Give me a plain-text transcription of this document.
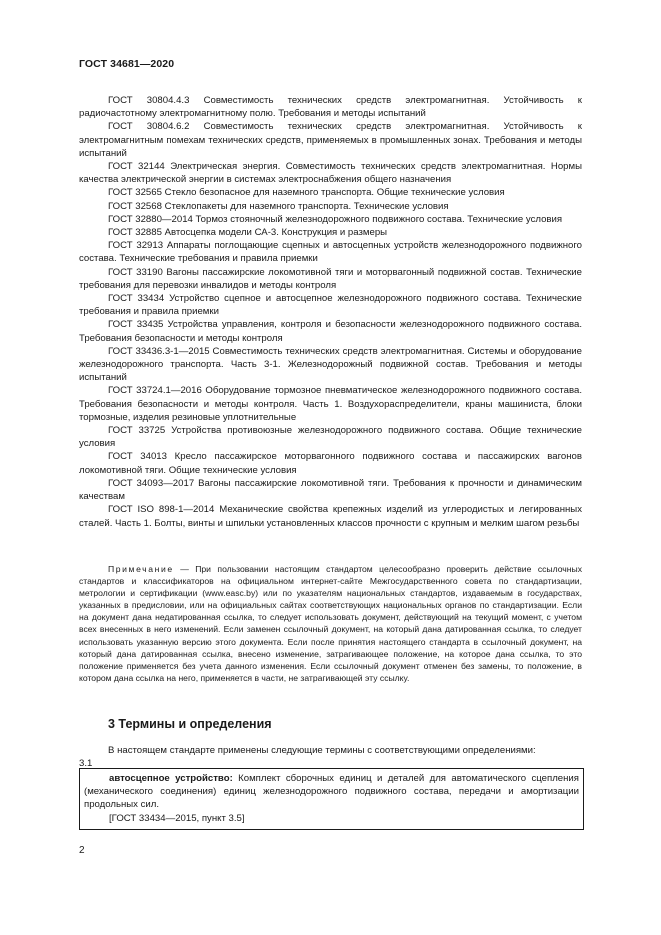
ГОСТ 34681—2020

ГОСТ 30804.4.3 Совместимость технических средств электромагнитная. Устойчивость к радиочастотному электромагнитному полю. Требования и методы испытаний

ГОСТ 30804.6.2 Совместимость технических средств электромагнитная. Устойчивость к электромагнитным помехам технических средств, применяемых в промышленных зонах. Требования и методы испытаний

ГОСТ 32144 Электрическая энергия. Совместимость технических средств электромагнитная. Нормы качества электрической энергии в системах электроснабжения общего назначения

ГОСТ 32565 Стекло безопасное для наземного транспорта. Общие технические условия

ГОСТ 32568 Стеклопакеты для наземного транспорта. Технические условия

ГОСТ 32880—2014 Тормоз стояночный железнодорожного подвижного состава. Технические условия

ГОСТ 32885 Автосцепка модели СА-3. Конструкция и размеры

ГОСТ 32913 Аппараты поглощающие сцепных и автосцепных устройств железнодорожного подвижного состава. Технические требования и правила приемки

ГОСТ 33190 Вагоны пассажирские локомотивной тяги и моторвагонный подвижной состав. Технические требования для перевозки инвалидов и методы контроля

ГОСТ 33434 Устройство сцепное и автосцепное железнодорожного подвижного состава. Технические требования и правила приемки

ГОСТ 33435 Устройства управления, контроля и безопасности железнодорожного подвижного состава. Требования безопасности и методы контроля

ГОСТ 33436.3-1—2015 Совместимость технических средств электромагнитная. Системы и оборудование железнодорожного транспорта. Часть 3-1. Железнодорожный подвижной состав. Требования и методы испытаний

ГОСТ 33724.1—2016 Оборудование тормозное пневматическое железнодорожного подвижного состава. Требования безопасности и методы контроля. Часть 1. Воздухораспределители, краны машиниста, блоки тормозные, изделия резиновые уплотнительные

ГОСТ 33725 Устройства противоюзные железнодорожного подвижного состава. Общие технические условия

ГОСТ 34013 Кресло пассажирское моторвагонного подвижного состава и пассажирских вагонов локомотивной тяги. Общие технические условия

ГОСТ 34093—2017 Вагоны пассажирские локомотивной тяги. Требования к прочности и динамическим качествам

ГОСТ ISO 898-1—2014 Механические свойства крепежных изделий из углеродистых и легированных сталей. Часть 1. Болты, винты и шпильки установленных классов прочности с крупным и мелким шагом резьбы

Примечание — При пользовании настоящим стандартом целесообразно проверить действие ссылочных стандартов и классификаторов на официальном интернет-сайте Межгосударственного совета по стандартизации, метрологии и сертификации (www.easc.by) или по указателям национальных стандартов, издаваемым в государствах, указанных в предисловии, или на официальных сайтах соответствующих национальных органов по стандартизации. Если на документ дана недатированная ссылка, то следует использовать документ, действующий на текущий момент, с учетом всех внесенных в него изменений. Если заменен ссылочный документ, на который дана датированная ссылка, то следует использовать указанную версию этого документа. Если после принятия настоящего стандарта в ссылочный документ, на который дана датированная ссылка, внесено изменение, затрагивающее положение, на которое дана ссылка, то это положение применяется без учета данного изменения. Если ссылочный документ отменен без замены, то положение, в котором дана ссылка на него, применяется в части, не затрагивающей эту ссылку.

3 Термины и определения

В настоящем стандарте применены следующие термины с соответствующими определениями:

3.1

автосцепное устройство: Комплект сборочных единиц и деталей для автоматического сцепления (механического соединения) единиц железнодорожного подвижного состава, передачи и амортизации продольных сил.

[ГОСТ 33434—2015, пункт 3.5]

2
